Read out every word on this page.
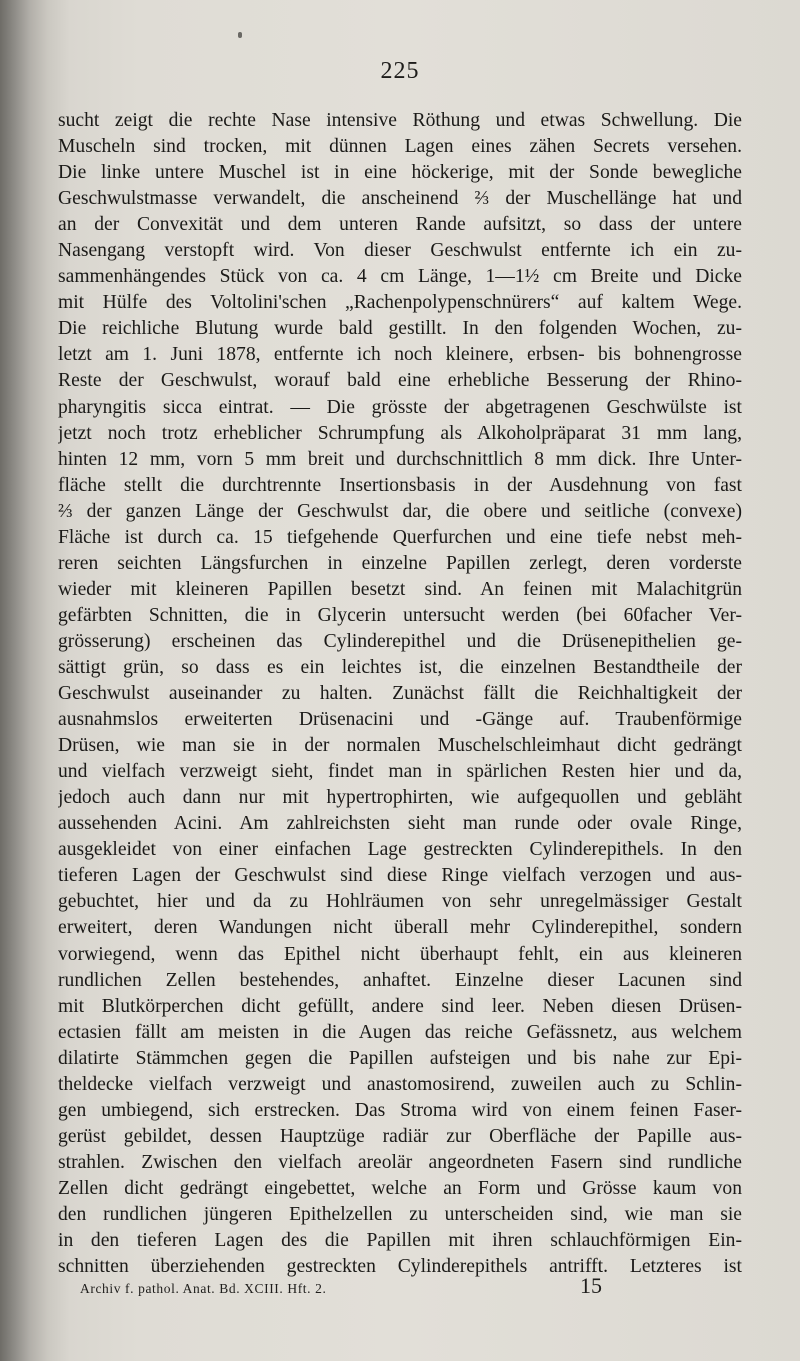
225
sucht zeigt die rechte Nase intensive Röthung und etwas Schwellung. Die
Muscheln sind trocken, mit dünnen Lagen eines zähen Secrets versehen.
Die linke untere Muschel ist in eine höckerige, mit der Sonde bewegliche
Geschwulstmasse verwandelt, die anscheinend ⅔ der Muschellänge hat und
an der Convexität und dem unteren Rande aufsitzt, so dass der untere
Nasengang verstopft wird. Von dieser Geschwulst entfernte ich ein zu-
sammenhängendes Stück von ca. 4 cm Länge, 1—1½ cm Breite und Dicke
mit Hülfe des Voltolini'schen „Rachenpolypenschnürers“ auf kaltem Wege.
Die reichliche Blutung wurde bald gestillt. In den folgenden Wochen, zu-
letzt am 1. Juni 1878, entfernte ich noch kleinere, erbsen- bis bohnengrosse
Reste der Geschwulst, worauf bald eine erhebliche Besserung der Rhino-
pharyngitis sicca eintrat. — Die grösste der abgetragenen Geschwülste ist
jetzt noch trotz erheblicher Schrumpfung als Alkoholpräparat 31 mm lang,
hinten 12 mm, vorn 5 mm breit und durchschnittlich 8 mm dick. Ihre Unter-
fläche stellt die durchtrennte Insertionsbasis in der Ausdehnung von fast
⅔ der ganzen Länge der Geschwulst dar, die obere und seitliche (convexe)
Fläche ist durch ca. 15 tiefgehende Querfurchen und eine tiefe nebst meh-
reren seichten Längsfurchen in einzelne Papillen zerlegt, deren vorderste
wieder mit kleineren Papillen besetzt sind. An feinen mit Malachitgrün
gefärbten Schnitten, die in Glycerin untersucht werden (bei 60facher Ver-
grösserung) erscheinen das Cylinderepithel und die Drüsenepithelien ge-
sättigt grün, so dass es ein leichtes ist, die einzelnen Bestandtheile der
Geschwulst auseinander zu halten. Zunächst fällt die Reichhaltigkeit der
ausnahmslos erweiterten Drüsenacini und -Gänge auf. Traubenförmige
Drüsen, wie man sie in der normalen Muschelschleimhaut dicht gedrängt
und vielfach verzweigt sieht, findet man in spärlichen Resten hier und da,
jedoch auch dann nur mit hypertrophirten, wie aufgequollen und gebläht
aussehenden Acini. Am zahlreichsten sieht man runde oder ovale Ringe,
ausgekleidet von einer einfachen Lage gestreckten Cylinderepithels. In den
tieferen Lagen der Geschwulst sind diese Ringe vielfach verzogen und aus-
gebuchtet, hier und da zu Hohlräumen von sehr unregelmässiger Gestalt
erweitert, deren Wandungen nicht überall mehr Cylinderepithel, sondern
vorwiegend, wenn das Epithel nicht überhaupt fehlt, ein aus kleineren
rundlichen Zellen bestehendes, anhaftet. Einzelne dieser Lacunen sind
mit Blutkörperchen dicht gefüllt, andere sind leer. Neben diesen Drüsen-
ectasien fällt am meisten in die Augen das reiche Gefässnetz, aus welchem
dilatirte Stämmchen gegen die Papillen aufsteigen und bis nahe zur Epi-
theldecke vielfach verzweigt und anastomosirend, zuweilen auch zu Schlin-
gen umbiegend, sich erstrecken. Das Stroma wird von einem feinen Faser-
gerüst gebildet, dessen Hauptzüge radiär zur Oberfläche der Papille aus-
strahlen. Zwischen den vielfach areolär angeordneten Fasern sind rundliche
Zellen dicht gedrängt eingebettet, welche an Form und Grösse kaum von
den rundlichen jüngeren Epithelzellen zu unterscheiden sind, wie man sie
in den tieferen Lagen des die Papillen mit ihren schlauchförmigen Ein-
schnitten überziehenden gestreckten Cylinderepithels antrifft. Letzteres ist
Archiv f. pathol. Anat. Bd. XCIII. Hft. 2.	15
